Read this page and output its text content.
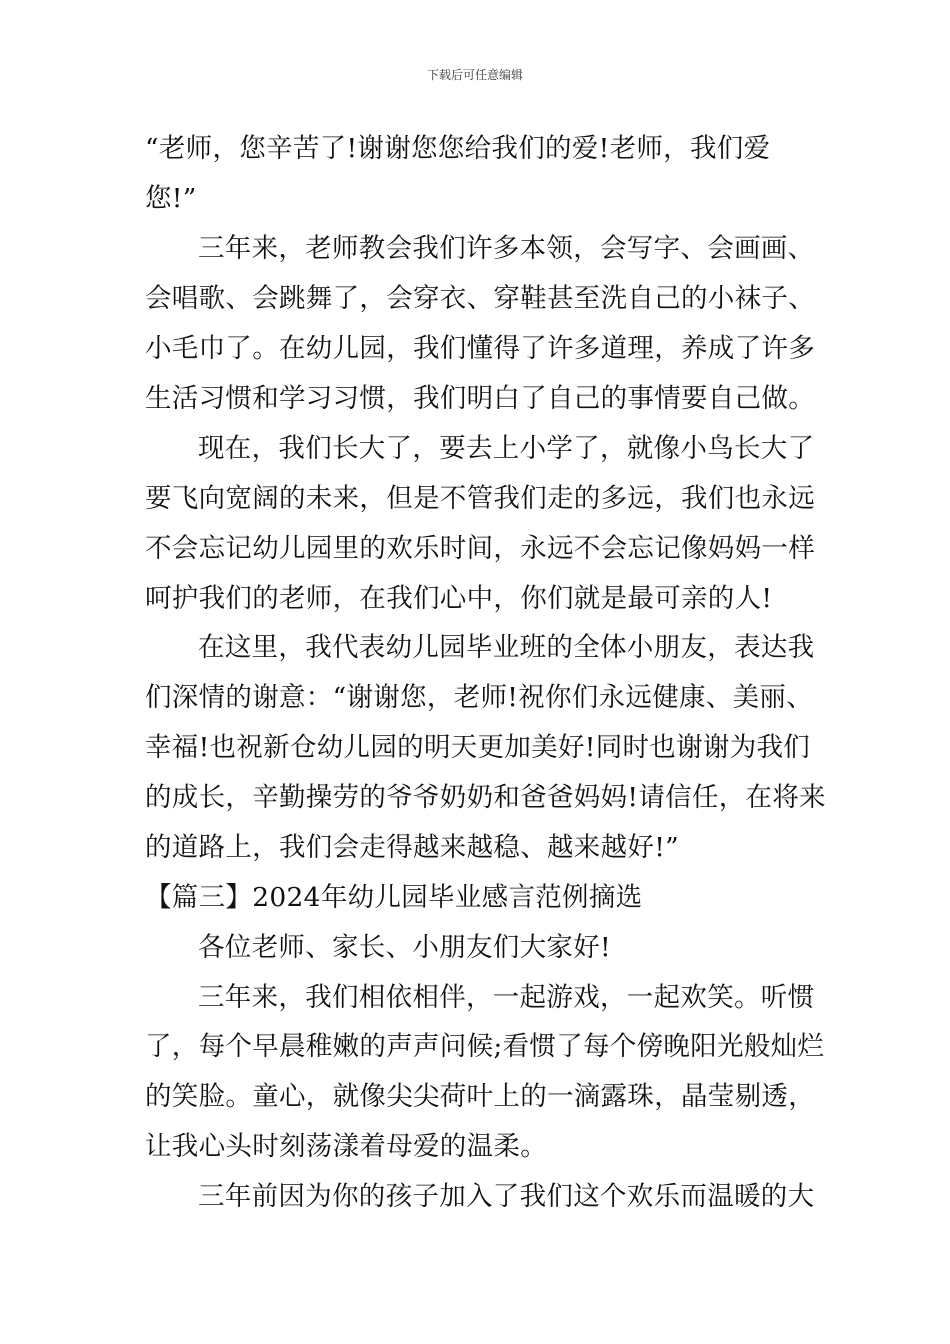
下载后可任意编辑
“老师，您辛苦了!谢谢您您给我们的爱!老师，我们爱
您!”
三年来，老师教会我们许多本领，会写字、会画画、
会唱歌、会跳舞了，会穿衣、穿鞋甚至洗自己的小袜子、
小毛巾了。在幼儿园，我们懂得了许多道理，养成了许多
生活习惯和学习习惯，我们明白了自己的事情要自己做。
现在，我们长大了，要去上小学了，就像小鸟长大了
要飞向宽阔的未来，但是不管我们走的多远，我们也永远
不会忘记幼儿园里的欢乐时间，永远不会忘记像妈妈一样
呵护我们的老师，在我们心中，你们就是最可亲的人!
在这里，我代表幼儿园毕业班的全体小朋友，表达我
们深情的谢意：“谢谢您，老师!祝你们永远健康、美丽、
幸福!也祝新仓幼儿园的明天更加美好!同时也谢谢为我们
的成长，辛勤操劳的爷爷奶奶和爸爸妈妈!请信任，在将来
的道路上，我们会走得越来越稳、越来越好!”
【篇三】2024年幼儿园毕业感言范例摘选
各位老师、家长、小朋友们大家好!
三年来，我们相依相伴，一起游戏，一起欢笑。听惯
了，每个早晨稚嫩的声声问候;看惯了每个傍晚阳光般灿烂
的笑脸。童心，就像尖尖荷叶上的一滴露珠，晶莹剔透，
让我心头时刻荡漾着母爱的温柔。
三年前因为你的孩子加入了我们这个欢乐而温暖的大
